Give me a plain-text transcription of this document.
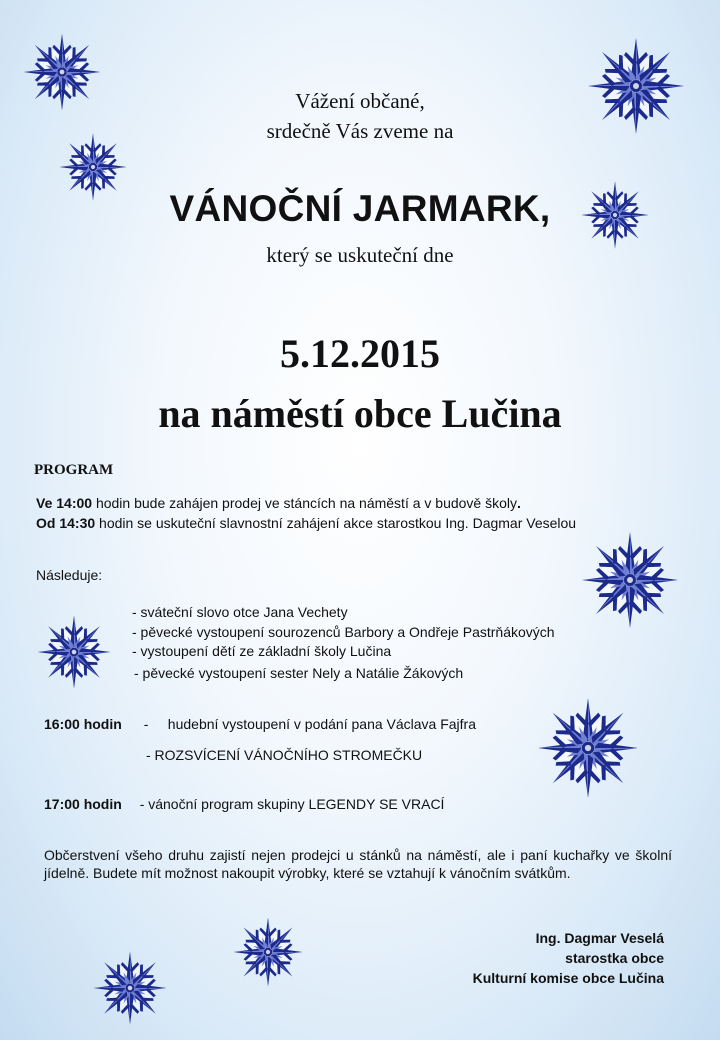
Vážení občané,
srdečně Vás zveme na
VÁNOČNÍ JARMARK,
který se uskuteční dne
5.12.2015
na náměstí obce Lučina
PROGRAM
Ve 14:00 hodin bude zahájen prodej ve stáncích na náměstí a v budově školy.
Od 14:30 hodin se uskuteční slavnostní zahájení akce starostkou Ing. Dagmar Veselou
Následuje:
- sváteční slovo otce Jana Vechety
- pěvecké vystoupení sourozenců Barbory a Ondřeje Pastrňákových
- vystoupení dětí ze základní školy Lučina
- pěvecké vystoupení sester Nely a Natálie Žákových
16:00 hodin -     hudební vystoupení v podání pana Václava Fajfra
- ROZSVÍCENÍ VÁNOČNÍHO STROMEČKU
17:00 hodin - vánoční program skupiny LEGENDY SE VRACÍ
Občerstvení všeho druhu zajistí nejen prodejci u stánků na náměstí, ale i paní kuchařky ve školní jídelně. Budete mít možnost nakoupit výrobky, které se vztahují k vánočním svátkům.
Ing. Dagmar Veselá
starostka obce
Kulturní komise obce Lučina
